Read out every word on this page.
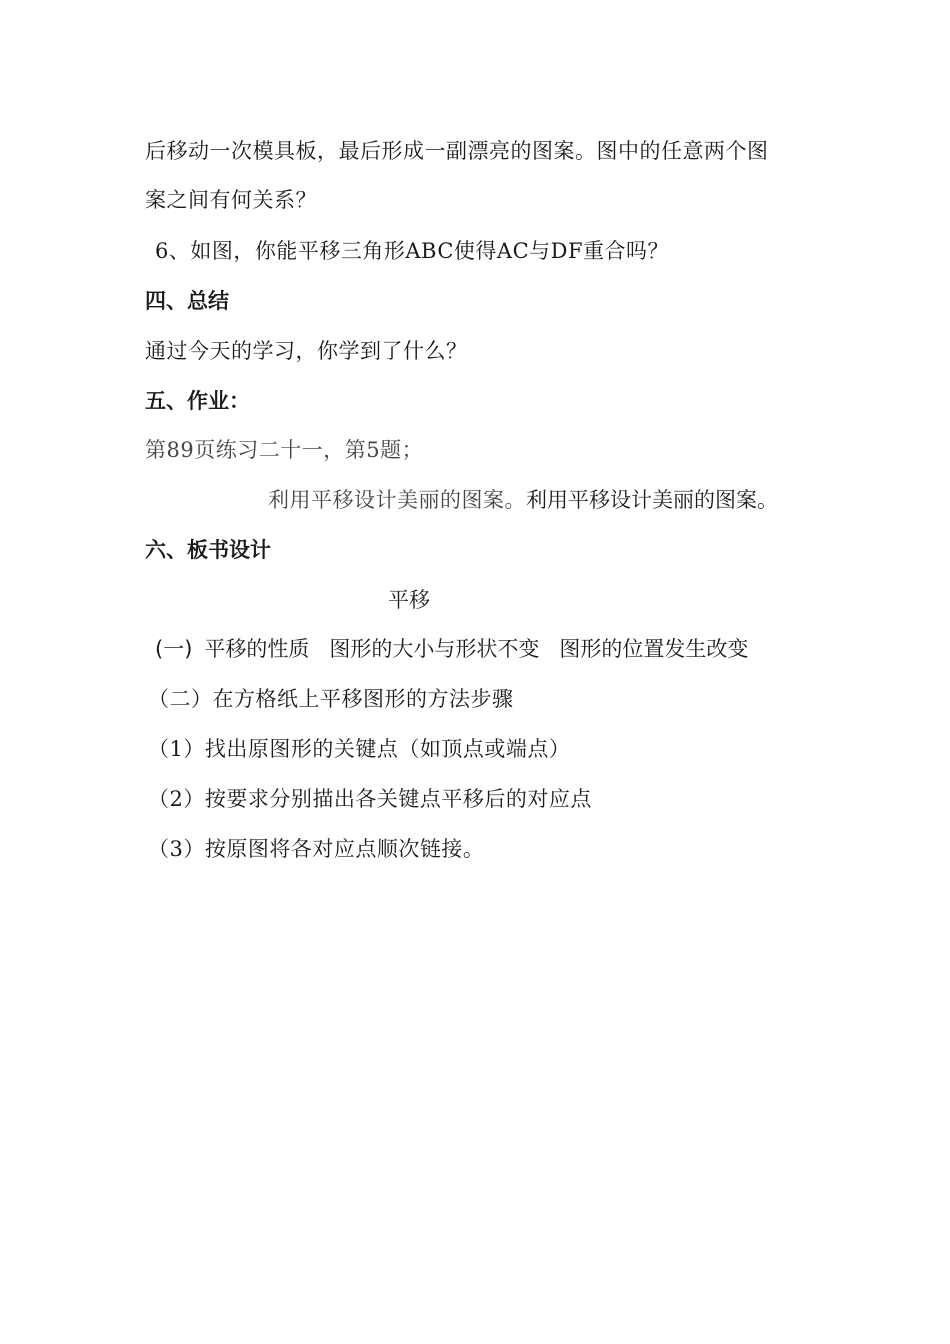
后移动一次模具板，最后形成一副漂亮的图案。图中的任意两个图
案之间有何关系？
6、如图，你能平移三角形ABC使得AC与DF重合吗？
四、总结
通过今天的学习，你学到了什么？
五、作业：
第89页练习二十一，第5题；
利用平移设计美丽的图案。利用平移设计美丽的图案。
六、板书设计
平移
(一) 平移的性质 图形的大小与形状不变 图形的位置发生改变
（二）在方格纸上平移图形的方法步骤
（1）找出原图形的关键点（如顶点或端点）
（2）按要求分别描出各关键点平移后的对应点
（3）按原图将各对应点顺次链接。
